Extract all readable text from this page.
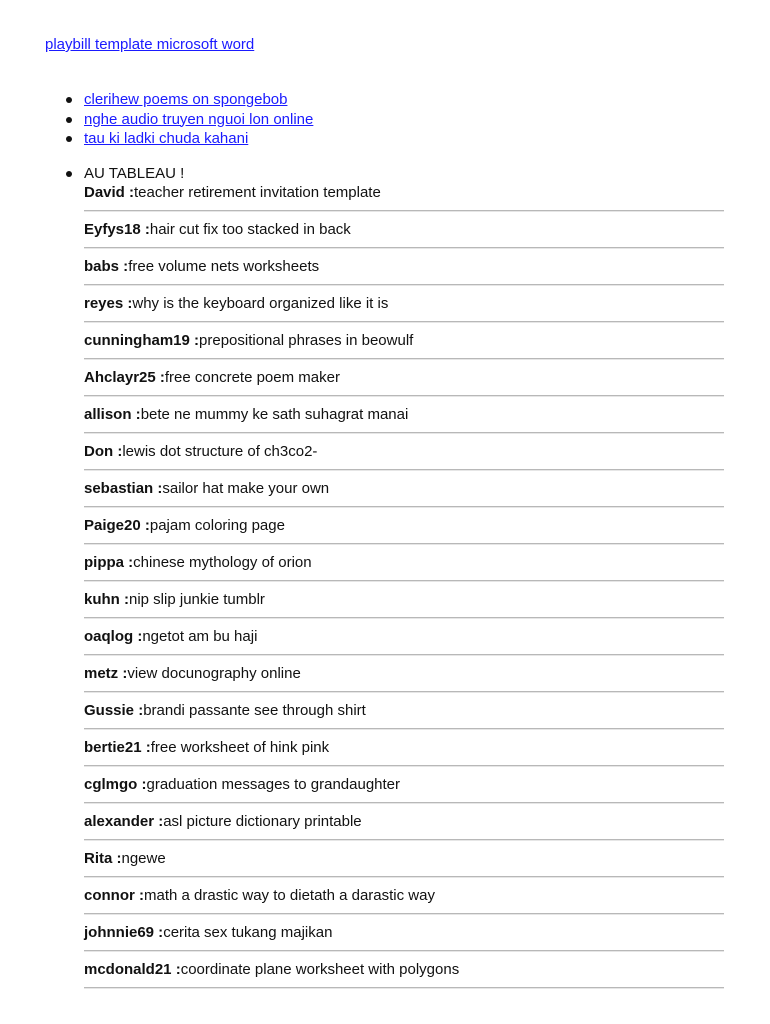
playbill template microsoft word
clerihew poems on spongebob
nghe audio truyen nguoi lon online
tau ki ladki chuda kahani
AU TABLEAU !
David :teacher retirement invitation template
Eyfys18 :hair cut fix too stacked in back
babs :free volume nets worksheets
reyes :why is the keyboard organized like it is
cunningham19 :prepositional phrases in beowulf
Ahclayr25 :free concrete poem maker
allison :bete ne mummy ke sath suhagrat manai
Don :lewis dot structure of ch3co2-
sebastian :sailor hat make your own
Paige20 :pajam coloring page
pippa :chinese mythology of orion
kuhn :nip slip junkie tumblr
oaqlog :ngetot am bu haji
metz :view docunography online
Gussie :brandi passante see through shirt
bertie21 :free worksheet of hink pink
cglmgo :graduation messages to grandaughter
alexander :asl picture dictionary printable
Rita :ngewe
connor :math a drastic way to dietath a darastic way
johnnie69 :cerita sex tukang majikan
mcdonald21 :coordinate plane worksheet with polygons
